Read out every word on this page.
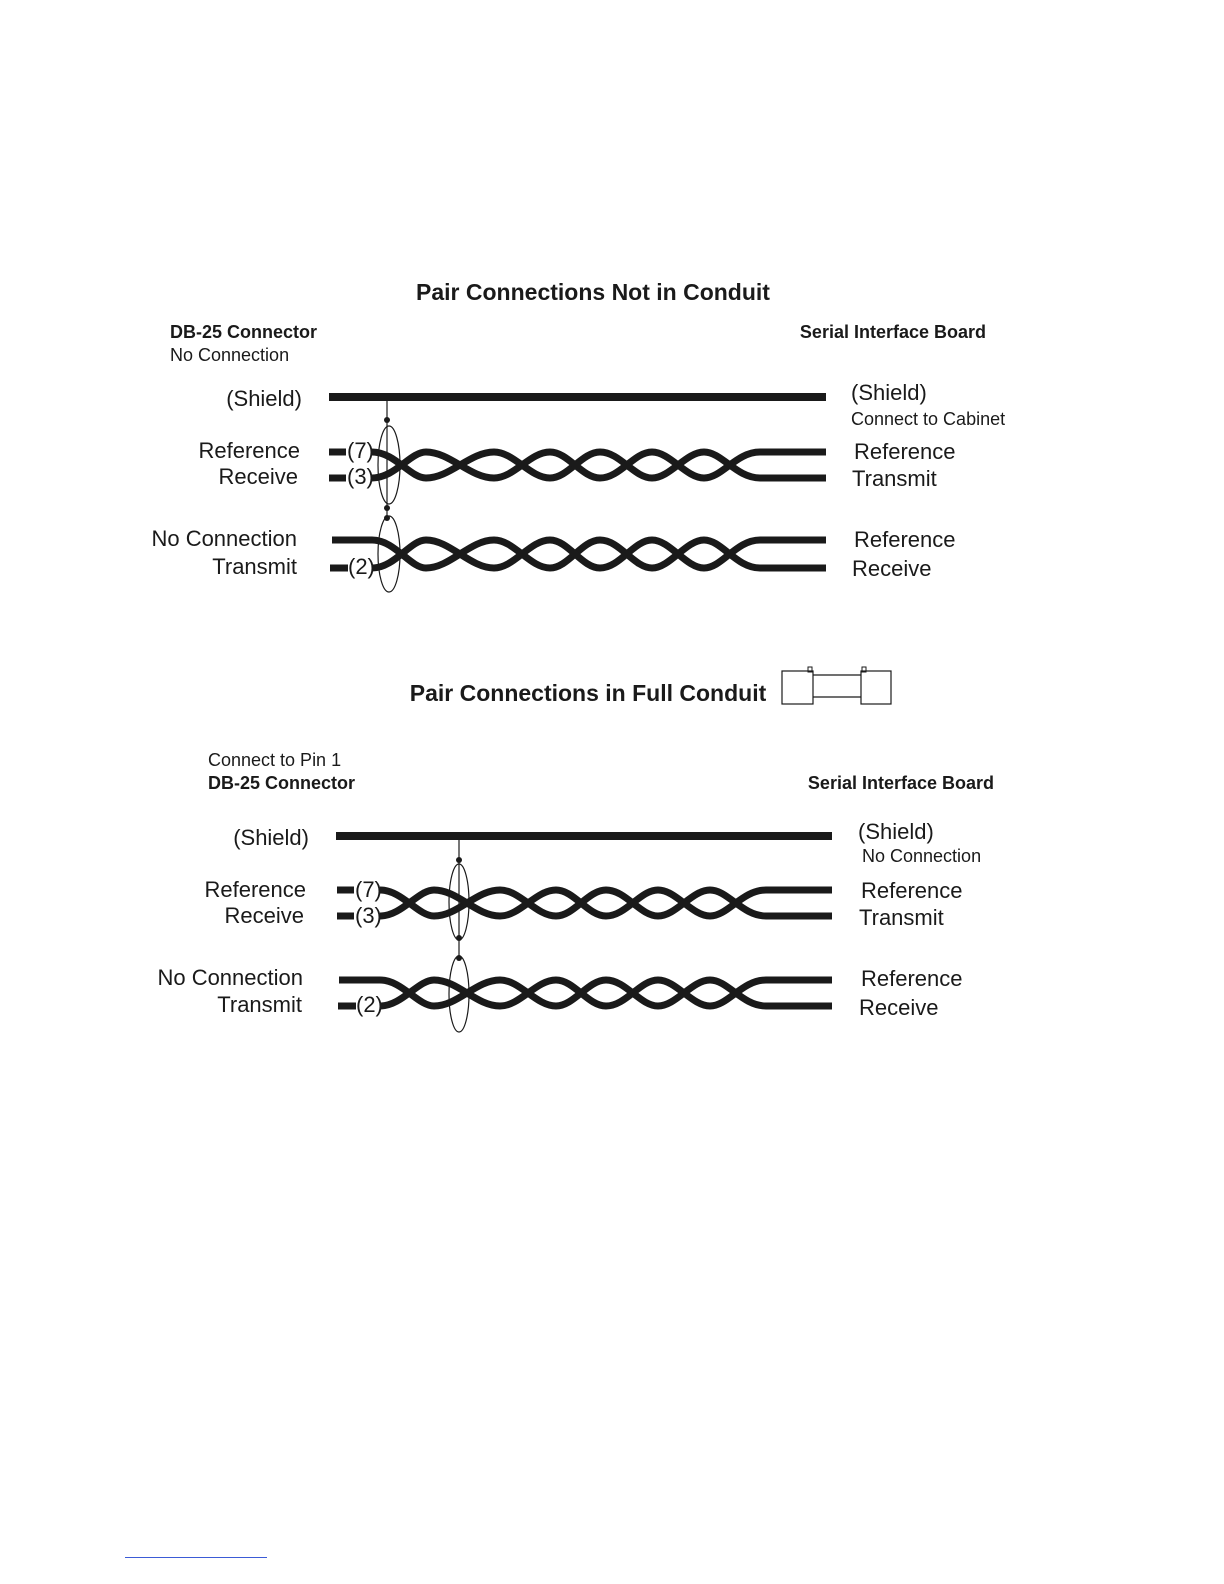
Pair Connections Not in Conduit
DB-25 Connector
No Connection
Serial Interface Board
(Shield)	(Shield)
Connect to Cabinet
Reference
Receive
(7)
(3)
Reference
Transmit
No Connection
Transmit (2)
Reference
Receive
Pair Connections in Full Conduit
Connect to Pin 1
DB-25 Connector	Serial Interface Board
(Shield)	(Shield)
No Connection
Reference
Receive
(7)
(3)
Reference
Transmit
No Connection
Transmit (2)
Reference
Receive
